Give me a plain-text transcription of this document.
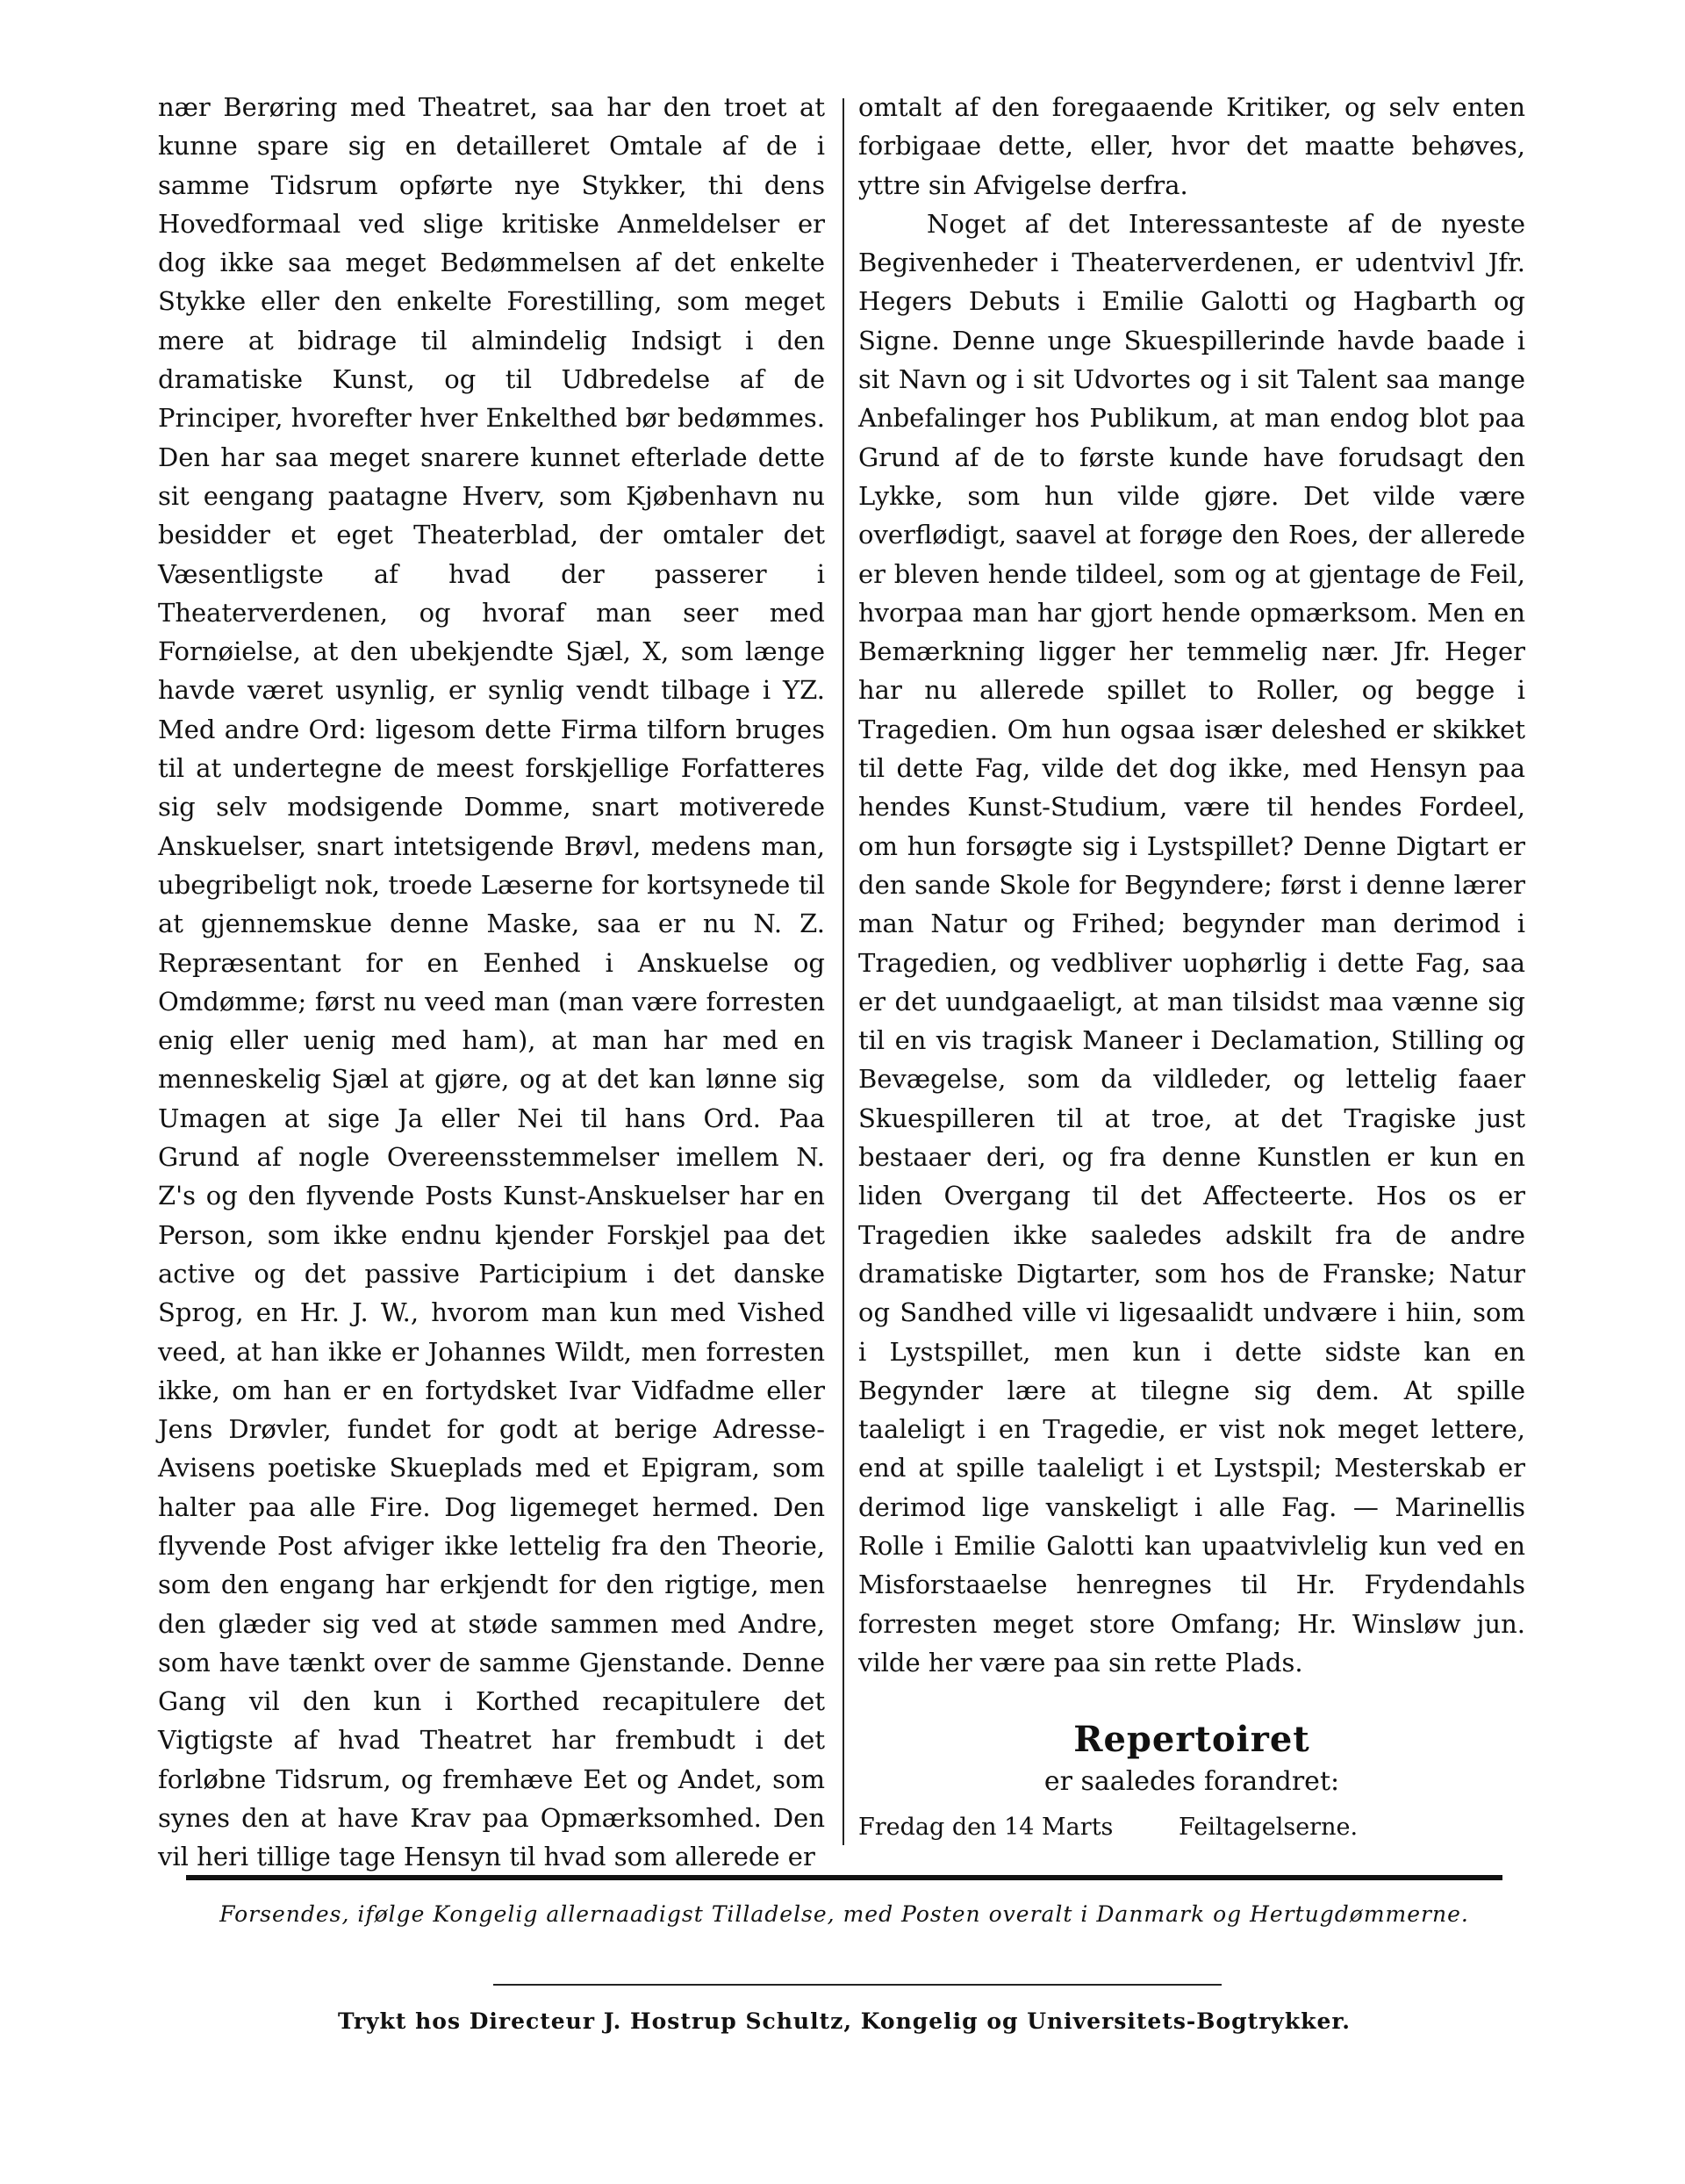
nær Berøring med Theatret, saa har den troet at kunne spare sig en detailleret Omtale af de i samme Tidsrum opførte nye Stykker, thi dens Hovedformaal ved slige kritiske Anmeldelser er dog ikke saa meget Bedømmelsen af det enkelte Stykke eller den enkelte Forestilling, som meget mere at bidrage til almindelig Indsigt i den dramatiske Kunst, og til Udbredelse af de Principer, hvorefter hver Enkelthed bør bedømmes. Den har saa meget snarere kunnet efterlade dette sit eengang paatagne Hverv, som Kjøbenhavn nu besidder et eget Theaterblad, der omtaler det Væsentligste af hvad der passerer i Theaterverdenen, og hvoraf man seer med Fornøielse, at den ubekjendte Sjæl, X, som længe havde været usynlig, er synlig vendt tilbage i YZ. Med andre Ord: ligesom dette Firma tilforn bruges til at undertegne de meest forskjellige Forfatteres sig selv modsigende Domme, snart motiverede Anskuelser, snart intetsigende Brøvl, medens man, ubegribeligt nok, troede Læserne for kortsynede til at gjennemskue denne Maske, saa er nu N. Z. Repræsentant for en Eenhed i Anskuelse og Omdømme; først nu veed man (man være forresten enig eller uenig med ham), at man har med en menneskelig Sjæl at gjøre, og at det kan lønne sig Umagen at sige Ja eller Nei til hans Ord. Paa Grund af nogle Overeensstemmelser imellem N. Z's og den flyvende Posts Kunst-Anskuelser har en Person, som ikke endnu kjender Forskjel paa det active og det passive Participium i det danske Sprog, en Hr. J. W., hvorom man kun med Vished veed, at han ikke er Johannes Wildt, men forresten ikke, om han er en fortydsket Ivar Vidfadme eller Jens Drøvler, fundet for godt at berige Adresse-Avisens poetiske Skueplads med et Epigram, som halter paa alle Fire. Dog ligemeget hermed. Den flyvende Post afviger ikke lettelig fra den Theorie, som den engang har erkjendt for den rigtige, men den glæder sig ved at støde sammen med Andre, som have tænkt over de samme Gjenstande. Denne Gang vil den kun i Korthed recapitulere det Vigtigste af hvad Theatret har frembudt i det forløbne Tidsrum, og fremhæve Eet og Andet, som synes den at have Krav paa Opmærksomhed. Den vil heri tillige tage Hensyn til hvad som allerede er

omtalt af den foregaaende Kritiker, og selv enten forbigaae dette, eller, hvor det maatte behøves, yttre sin Afvigelse derfra.

Noget af det Interessanteste af de nyeste Begivenheder i Theaterverdenen, er udentvivl Jfr. Hegers Debuts i Emilie Galotti og Hagbarth og Signe. Denne unge Skuespillerinde havde baade i sit Navn og i sit Udvortes og i sit Talent saa mange Anbefalinger hos Publikum, at man endog blot paa Grund af de to første kunde have forudsagt den Lykke, som hun vilde gjøre. Det vilde være overflødigt, saavel at forøge den Roes, der allerede er bleven hende tildeel, som og at gjentage de Feil, hvorpaa man har gjort hende opmærksom. Men en Bemærkning ligger her temmelig nær. Jfr. Heger har nu allerede spillet to Roller, og begge i Tragedien. Om hun ogsaa især deleshed er skikket til dette Fag, vilde det dog ikke, med Hensyn paa hendes Kunst-Studium, være til hendes Fordeel, om hun forsøgte sig i Lystspillet? Denne Digtart er den sande Skole for Begyndere; først i denne lærer man Natur og Frihed; begynder man derimod i Tragedien, og vedbliver uophørlig i dette Fag, saa er det uundgaaeligt, at man tilsidst maa vænne sig til en vis tragisk Maneer i Declamation, Stilling og Bevægelse, som da vildleder, og lettelig faaer Skuespilleren til at troe, at det Tragiske just bestaaer deri, og fra denne Kunstlen er kun en liden Overgang til det Affecteerte. Hos os er Tragedien ikke saaledes adskilt fra de andre dramatiske Digtarter, som hos de Franske; Natur og Sandhed ville vi ligesaalidt undvære i hiin, som i Lystspillet, men kun i dette sidste kan en Begynder lære at tilegne sig dem. At spille taaleligt i en Tragedie, er vist nok meget lettere, end at spille taaleligt i et Lystspil; Mesterskab er derimod lige vanskeligt i alle Fag. — Marinellis Rolle i Emilie Galotti kan upaatvivlelig kun ved en Misforstaaelse henregnes til Hr. Frydendahls forresten meget store Omfang; Hr. Winsløw jun. vilde her være paa sin rette Plads.

Repertoiret
er saaledes forandret:
Fredag den 14 Marts	Feiltagelserne.
Forsendes, ifølge Kongelig allernaadigst Tilladelse, med Posten overalt i Danmark og Hertugdømmerne.
Trykt hos Directeur J. Hostrup Schultz, Kongelig og Universitets-Bogtrykker.
